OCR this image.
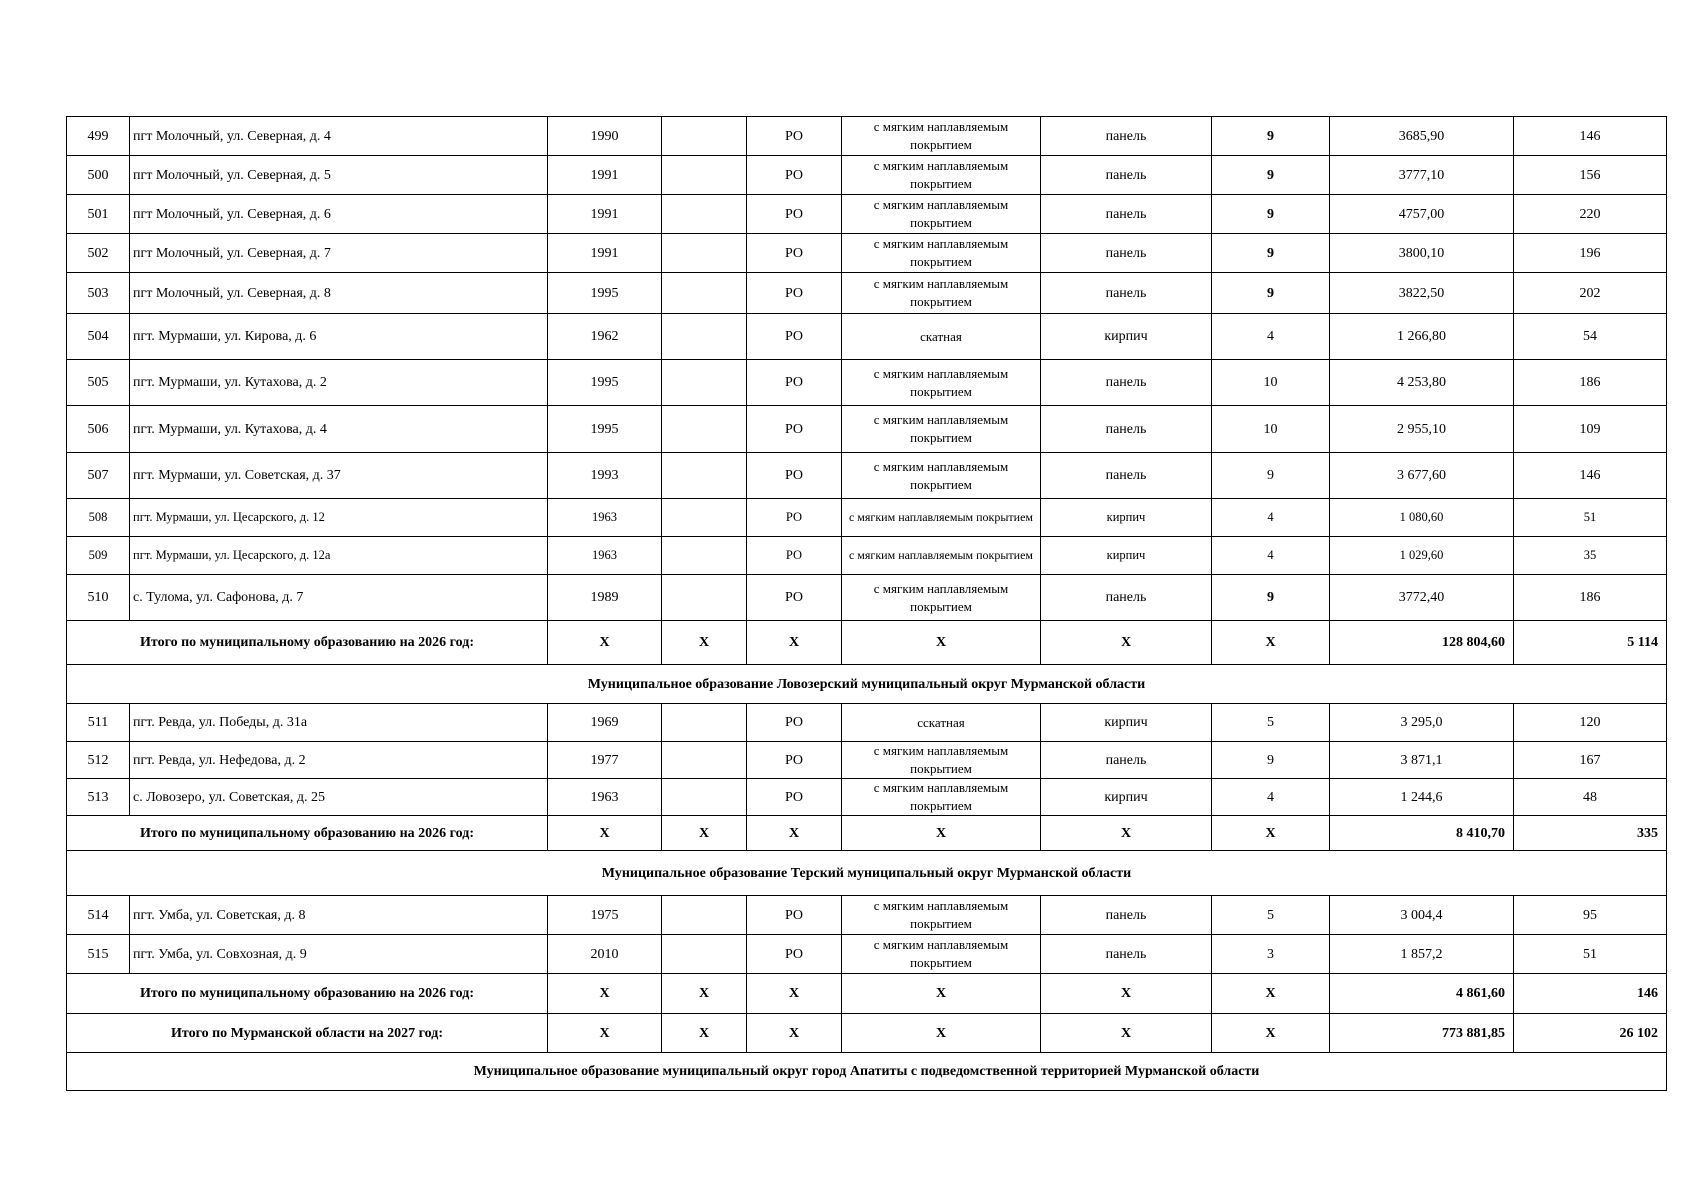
499	пгт Молочный, ул. Северная, д. 4	1990		РО	с мягким наплавляемым покрытием	панель	9	3685,90	146
500	пгт Молочный, ул. Северная, д. 5	1991		РО	с мягким наплавляемым покрытием	панель	9	3777,10	156
501	пгт Молочный, ул. Северная, д. 6	1991		РО	с мягким наплавляемым покрытием	панель	9	4757,00	220
502	пгт Молочный, ул. Северная, д. 7	1991		РО	с мягким наплавляемым покрытием	панель	9	3800,10	196
503	пгт Молочный, ул. Северная, д. 8	1995		РО	с мягким наплавляемым покрытием	панель	9	3822,50	202
504	пгт. Мурмаши, ул. Кирова, д. 6	1962		РО	скатная	кирпич	4	1 266,80	54
505	пгт. Мурмаши, ул. Кутахова, д. 2	1995		РО	с мягким наплавляемым покрытием	панель	10	4 253,80	186
506	пгт. Мурмаши, ул. Кутахова, д. 4	1995		РО	с мягким наплавляемым покрытием	панель	10	2 955,10	109
507	пгт. Мурмаши, ул. Советская, д. 37	1993		РО	с мягким наплавляемым покрытием	панель	9	3 677,60	146
508	пгт. Мурмаши, ул. Цесарского, д. 12	1963		РО	с мягким наплавляемым покрытием	кирпич	4	1 080,60	51
509	пгт. Мурмаши, ул. Цесарского, д. 12а	1963		РО	с мягким наплавляемым покрытием	кирпич	4	1 029,60	35
510	с. Тулома, ул. Сафонова, д. 7	1989		РО	с мягким наплавляемым покрытием	панель	9	3772,40	186
Итого по муниципальному образованию на 2026 год:		Х	Х	Х	Х	Х	Х	128 804,60	5 114
Муниципальное образование Ловозерский муниципальный округ Мурманской области									
511	пгт. Ревда, ул. Победы, д. 31а	1969		РО	сскатная	кирпич	5	3 295,0	120
512	пгт. Ревда, ул. Нефедова, д. 2	1977		РО	с мягким наплавляемым покрытием	панель	9	3 871,1	167
513	с. Ловозеро, ул. Советская, д. 25	1963		РО	с мягким наплавляемым покрытием	кирпич	4	1 244,6	48
Итого по муниципальному образованию на 2026 год:		Х	Х	Х	Х	Х	Х	8 410,70	335
Муниципальное образование Терский муниципальный округ Мурманской области									
514	пгт. Умба, ул. Советская, д. 8	1975		РО	с мягким наплавляемым покрытием	панель	5	3 004,4	95
515	пгт. Умба, ул. Совхозная, д. 9	2010		РО	с мягким наплавляемым покрытием	панель	3	1 857,2	51
Итого по муниципальному образованию на 2026 год:		Х	Х	Х	Х	Х	Х	4 861,60	146
Итого по Мурманской области на 2027 год:		Х	Х	Х	Х	Х	Х	773 881,85	26 102
Муниципальное образование муниципальный округ город Апатиты с подведомственной территорией Мурманской области									
